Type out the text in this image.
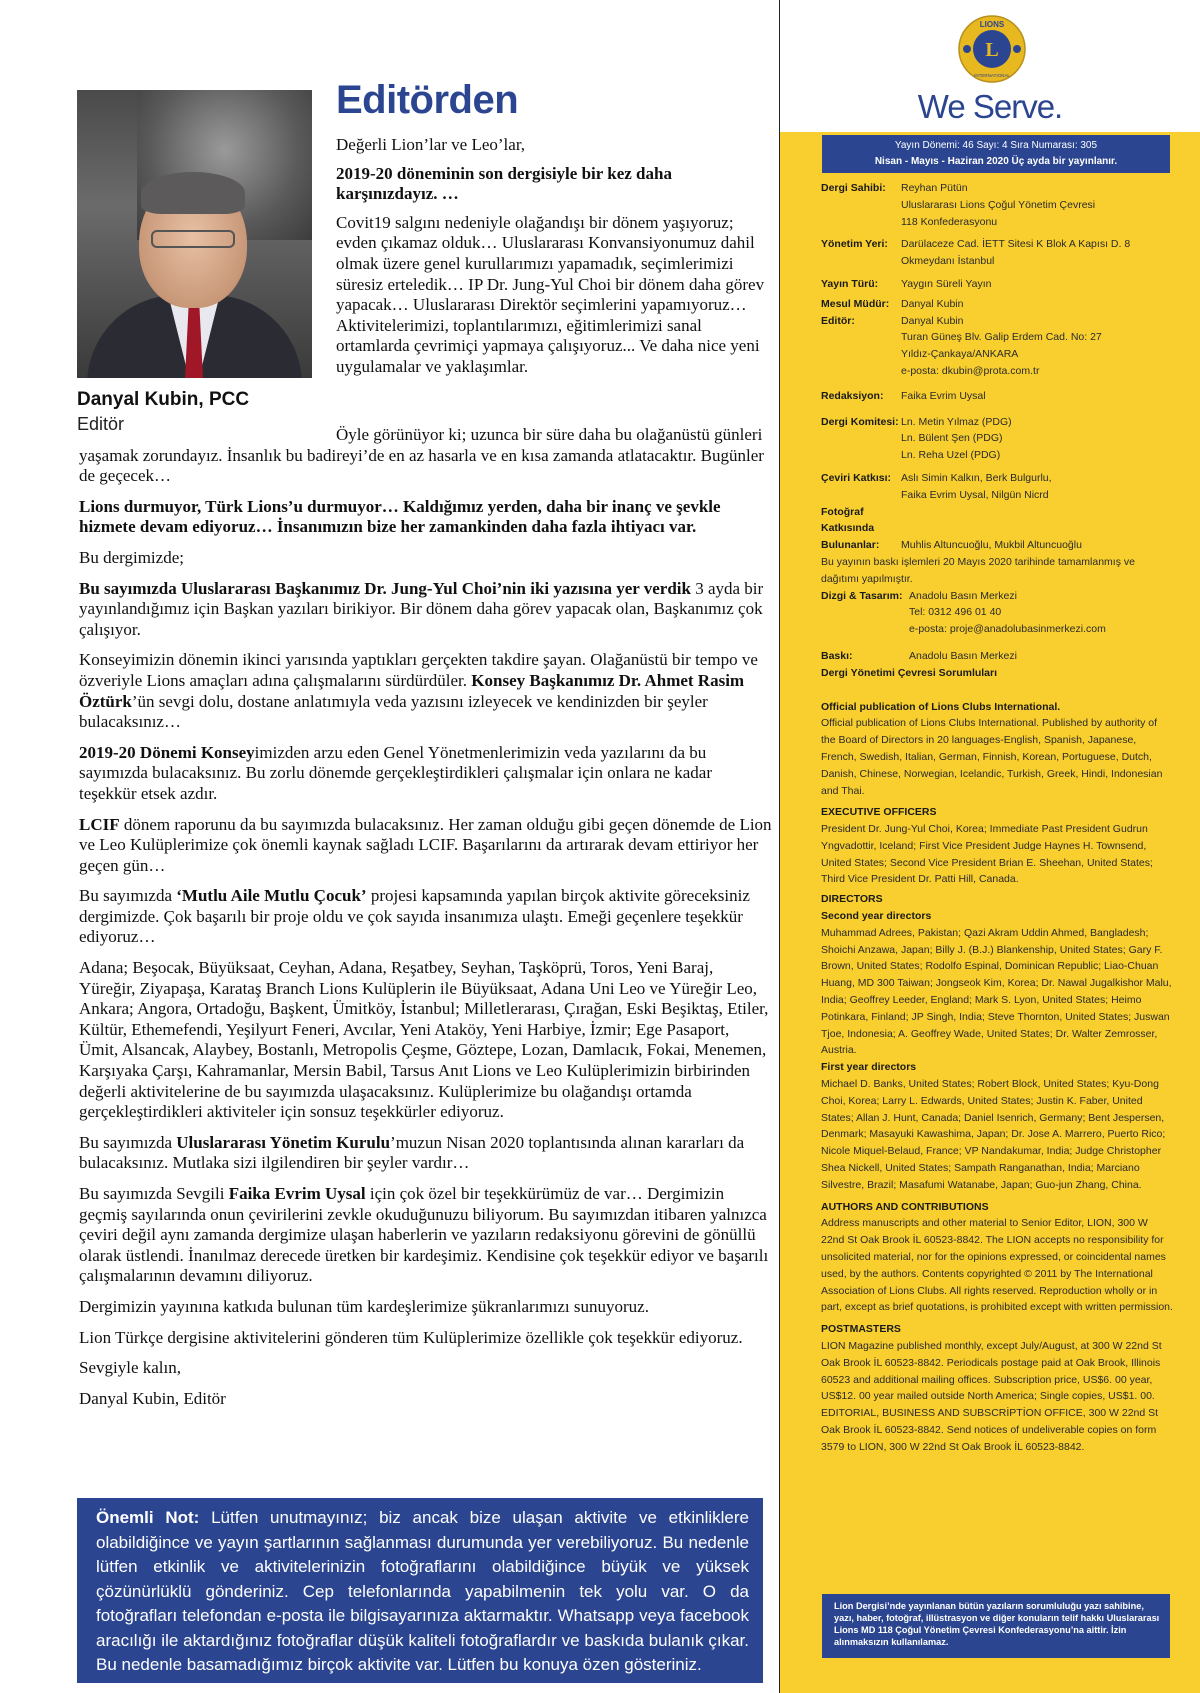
Danyal Kubin, PCC
Editör
Editörden

Değerli Lion’lar ve Leo’lar,

2019-20 döneminin son dergisiyle bir kez daha karşınızdayız. …

Covit19 salgını nedeniyle olağandışı bir dönem yaşıyoruz; evden çıkamaz olduk… Uluslararası Konvansiyonumuz dahil olmak üzere genel kurullarımızı yapamadık, seçimlerimizi süresiz erteledik… IP Dr. Jung-Yul Choi bir dönem daha görev yapacak… Uluslararası Direktör seçimlerini yapamıyoruz… Aktivitelerimizi, toplantılarımızı, eğitimlerimizi sanal ortamlarda çevrimiçi yapmaya çalışıyoruz... Ve daha nice yeni uygulamalar ve yaklaşımlar.

Öyle görünüyor ki; uzunca bir süre daha bu olağanüstü günleri yaşamak zorundayız. İnsanlık bu badireyi’de en az hasarla ve en kısa zamanda atlatacaktır. Bugünler de geçecek…

Lions durmuyor, Türk Lions’u durmuyor… Kaldığımız yerden, daha bir inanç ve şevkle hizmete devam ediyoruz… İnsanımızın bize her zamankinden daha fazla ihtiyacı var.

Bu dergimizde;

Bu sayımızda Uluslararası Başkanımız Dr. Jung-Yul Choi’nin iki yazısına yer verdik 3 ayda bir yayınlandığımız için Başkan yazıları birikiyor. Bir dönem daha görev yapacak olan, Başkanımız çok çalışıyor.

Konseyimizin dönemin ikinci yarısında yaptıkları gerçekten takdire şayan. Olağanüstü bir tempo ve özveriyle Lions amaçları adına çalışmalarını sürdürdüler. Konsey Başkanımız Dr. Ahmet Rasim Öztürk’ün sevgi dolu, dostane anlatımıyla veda yazısını izleyecek ve kendinizden bir şeyler bulacaksınız…

2019-20 Dönemi Konseyimizden arzu eden Genel Yönetmenlerimizin veda yazılarını da bu sayımızda bulacaksınız. Bu zorlu dönemde gerçekleştirdikleri çalışmalar için onlara ne kadar teşekkür etsek azdır.

LCIF dönem raporunu da bu sayımızda bulacaksınız. Her zaman olduğu gibi geçen dönemde de Lion ve Leo Kulüplerimize çok önemli kaynak sağladı LCIF. Başarılarını da artırarak devam ettiriyor her geçen gün…

Bu sayımızda ‘Mutlu Aile Mutlu Çocuk’ projesi kapsamında yapılan birçok aktivite göreceksiniz dergimizde. Çok başarılı bir proje oldu ve çok sayıda insanımıza ulaştı. Emeği geçenlere teşekkür ediyoruz…

Adana; Beşocak, Büyüksaat, Ceyhan, Adana, Reşatbey, Seyhan, Taşköprü, Toros, Yeni Baraj, Yüreğir, Ziyapaşa, Karataş Branch Lions Kulüplerin ile Büyüksaat, Adana Uni Leo ve Yüreğir Leo, Ankara; Angora, Ortadoğu, Başkent, Ümitköy, İstanbul; Milletlerarası, Çırağan, Eski Beşiktaş, Etiler, Kültür, Ethemefendi, Yeşilyurt Feneri, Avcılar, Yeni Ataköy, Yeni Harbiye, İzmir; Ege Pasaport, Ümit, Alsancak, Alaybey, Bostanlı, Metropolis Çeşme, Göztepe, Lozan, Damlacık, Fokai, Menemen, Karşıyaka Çarşı, Kahramanlar, Mersin Babil, Tarsus Anıt Lions ve Leo Kulüplerimizin birbirinden değerli aktivitelerine de bu sayımızda ulaşacaksınız. Kulüplerimize bu olağandışı ortamda gerçekleştirdikleri aktiviteler için sonsuz teşekkürler ediyoruz.

Bu sayımızda Uluslararası Yönetim Kurulu’muzun Nisan 2020 toplantısında alınan kararları da bulacaksınız. Mutlaka sizi ilgilendiren bir şeyler vardır…

Bu sayımızda Sevgili Faika Evrim Uysal için çok özel bir teşekkürümüz de var… Dergimizin geçmiş sayılarında onun çevirilerini zevkle okuduğunuzu biliyorum. Bu sayımızdan itibaren yalnızca çeviri değil aynı zamanda dergimize ulaşan haberlerin ve yazıların redaksiyonu görevini de gönüllü olarak üstlendi. İnanılmaz derecede üretken bir kardeşimiz. Kendisine çok teşekkür ediyor ve başarılı çalışmalarının devamını diliyoruz.

Dergimizin yayınına katkıda bulunan tüm kardeşlerimize şükranlarımızı sunuyoruz.

Lion Türkçe dergisine aktivitelerini gönderen tüm Kulüplerimize özellikle çok teşekkür ediyoruz.

Sevgiyle kalın,

Danyal Kubin, Editör

Önemli Not: Lütfen unutmayınız; biz ancak bize ulaşan aktivite ve etkinliklere olabildiğince ve yayın şartlarının sağlanması durumunda yer verebiliyoruz. Bu nedenle lütfen etkinlik ve aktivitelerinizin fotoğraflarını olabildiğince büyük ve yüksek çözünürlüklü gönderiniz. Cep telefonlarında yapabilmenin tek yolu var. O da fotoğrafları telefondan e-posta ile bilgisayarınıza aktarmaktır. Whatsapp veya facebook aracılığı ile aktardığınız fotoğraflar düşük kaliteli fotoğraflardır ve baskıda bulanık çıkar. Bu nedenle basamadığımız birçok aktivite var. Lütfen bu konuya özen gösteriniz.
L
LIONS
INTERNATIONAL
We Serve.
Yayın Dönemi: 46 Sayı: 4 Sıra Numarası: 305
Nisan - Mayıs - Haziran 2020 Üç ayda bir yayınlanır.
Dergi Sahibi:	Reyhan Pütün
Uluslararası Lions Çoğul Yönetim Çevresi
118 Konfederasyonu
Yönetim Yeri:	Darülaceze Cad. İETT Sitesi K Blok A Kapısı D. 8
Okmeydanı İstanbul
Yayın Türü:	Yaygın Süreli Yayın
Mesul Müdür:	Danyal Kubin
Editör:	Danyal Kubin
Turan Güneş Blv. Galip Erdem Cad. No: 27
Yıldız-Çankaya/ANKARA
e-posta: dkubin@prota.com.tr
Redaksiyon:	Faika Evrim Uysal
Dergi Komitesi: Ln. Metin Yılmaz (PDG)
Ln. Bülent Şen (PDG)
Ln. Reha Uzel (PDG)
Çeviri Katkısı: Aslı Simin Kalkın, Berk Bulgurlu,
Faika Evrim Uysal, Nilgün Nicrd
Fotoğraf
Katkısında
Bulunanlar:	Muhlis Altuncuoğlu, Mukbil Altuncuoğlu
Bu yayının baskı işlemleri 20 Mayıs 2020 tarihinde tamamlanmış ve dağıtımı yapılmıştır.
Dizgi & Tasarım: Anadolu Basın Merkezi
Tel: 0312 496 01 40
e-posta: proje@anadolubasinmerkezi.com
Baskı:	Anadolu Basın Merkezi
Dergi Yönetimi Çevresi Sorumluları
Official publication of Lions Clubs International.
Official publication of Lions Clubs International. Published by authority of the Board of Directors in 20 languages-English, Spanish, Japanese, French, Swedish, Italian, German, Finnish, Korean, Portuguese, Dutch, Danish, Chinese, Norwegian, Icelandic, Turkish, Greek, Hindi, Indonesian and Thai.
EXECUTIVE OFFICERS
President Dr. Jung-Yul Choi, Korea; Immediate Past President Gudrun Yngvadottir, Iceland; First Vice President Judge Haynes H. Townsend, United States; Second Vice President Brian E. Sheehan, United States; Third Vice President Dr. Patti Hill, Canada.
DIRECTORS
Second year directors
Muhammad Adrees, Pakistan; Qazi Akram Uddin Ahmed, Bangladesh; Shoichi Anzawa, Japan; Billy J. (B.J.) Blankenship, United States; Gary F. Brown, United States; Rodolfo Espinal, Dominican Republic; Liao-Chuan Huang, MD 300 Taiwan; Jongseok Kim, Korea; Dr. Nawal Jugalkishor Malu, India; Geoffrey Leeder, England; Mark S. Lyon, United States; Heimo Potinkara, Finland; JP Singh, India; Steve Thornton, United States; Juswan Tjoe, Indonesia; A. Geoffrey Wade, United States; Dr. Walter Zemrosser, Austria.
First year directors
Michael D. Banks, United States; Robert Block, United States; Kyu-Dong Choi, Korea; Larry L. Edwards, United States; Justin K. Faber, United States; Allan J. Hunt, Canada; Daniel Isenrich, Germany; Bent Jespersen, Denmark; Masayuki Kawashima, Japan; Dr. Jose A. Marrero, Puerto Rico; Nicole Miquel-Belaud, France; VP Nandakumar, India; Judge Christopher Shea Nickell, United States; Sampath Ranganathan, India; Marciano Silvestre, Brazil; Masafumi Watanabe, Japan; Guo-jun Zhang, China.
AUTHORS AND CONTRIBUTIONS
Address manuscripts and other material to Senior Editor, LION, 300 W 22nd St Oak Brook İL 60523-8842. The LION accepts no responsibility for unsolicited material, nor for the opinions expressed, or coincidental names used, by the authors. Contents copyrighted © 2011 by The International Association of Lions Clubs. All rights reserved. Reproduction wholly or in part, except as brief quotations, is prohibited except with written permission.
POSTMASTERS
LION Magazine published monthly, except July/August, at 300 W 22nd St Oak Brook İL 60523-8842. Periodicals postage paid at Oak Brook, Illinois 60523 and additional mailing offices. Subscription price, US$6. 00 year, US$12. 00 year mailed outside North America; Single copies, US$1. 00. EDITORIAL, BUSINESS AND SUBSCRİPTİON OFFICE, 300 W 22nd St Oak Brook İL 60523-8842. Send notices of undeliverable copies on form 3579 to LION, 300 W 22nd St Oak Brook İL 60523-8842.
Lion Dergisi’nde yayınlanan bütün yazıların sorumluluğu yazı sahibine, yazı, haber, fotoğraf, illüstrasyon ve diğer konuların telif hakkı Uluslararası Lions MD 118 Çoğul Yönetim Çevresi Konfederasyonu’na aittir. İzin alınmaksızın kullanılamaz.
